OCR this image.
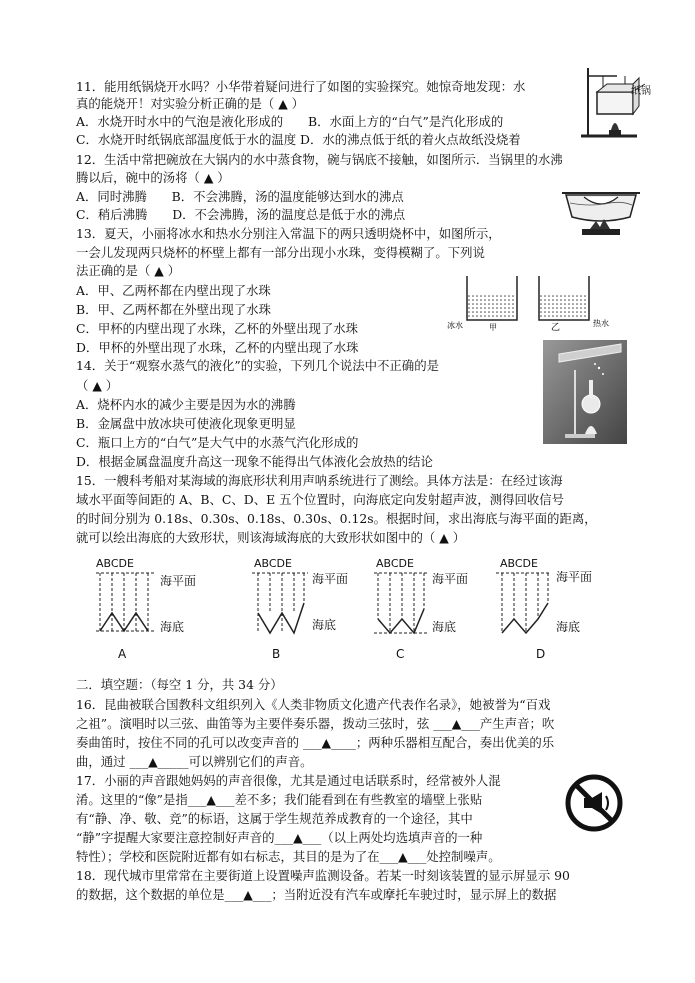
11．能用纸锅烧开水吗？小华带着疑问进行了如图的实验探究。她惊奇地发现：水
真的能烧开！对实验分析正确的是（ ▲ ）
A．水烧开时水中的气泡是液化形成的　　B．水面上方的“白气”是汽化形成的
C．水烧开时纸锅底部温度低于水的温度 D．水的沸点低于纸的着火点故纸没烧着
纸锅
12．生活中常把碗放在大锅内的水中蒸食物，碗与锅底不接触，如图所示．当锅里的水沸
腾以后，碗中的汤将（ ▲ ）
A．同时沸腾　　B．不会沸腾，汤的温度能够达到水的沸点
C．稍后沸腾　　D．不会沸腾，汤的温度总是低于水的沸点
13．夏天，小丽将冰水和热水分别注入常温下的两只透明烧杯中，如图所示，
一会儿发现两只烧杯的杯壁上都有一部分出现小水珠，变得模糊了。下列说
法正确的是（ ▲ ）
A．甲、乙两杯都在内壁出现了水珠
B．甲、乙两杯都在外壁出现了水珠
C．甲杯的内壁出现了水珠，乙杯的外壁出现了水珠
D．甲杯的外壁出现了水珠，乙杯的内壁出现了水珠
冰水	甲	乙	热水
14．关于“观察水蒸气的液化”的实验，下列几个说法中不正确的是
（ ▲ ）
A．烧杯内水的减少主要是因为水的沸腾
B．金属盘中放冰块可使液化现象更明显
C．瓶口上方的“白气”是大气中的水蒸气汽化形成的
D．根据金属盘温度升高这一现象不能得出气体液化会放热的结论
15．一艘科考船对某海域的海底形状利用声呐系统进行了测绘。具体方法是：在经过该海
域水平面等间距的 A、B、C、D、E 五个位置时，向海底定向发射超声波，测得回收信号
的时间分别为 0.18s、0.30s、0.18s、0.30s、0.12s。根据时间，求出海底与海平面的距离，
就可以绘出海底的大致形状，则该海域海底的大致形状如图中的（ ▲ ）
ABCDE
海平面
海底
A
ABCDE
海平面
海底
B
ABCDE
海平面
海底
C
ABCDE
海平面
海底
D
二．填空题：（每空 1 分，共 34 分）
16．昆曲被联合国教科文组织列入《人类非物质文化遗产代表作名录》，她被誉为“百戏
之祖”。演唱时以三弦、曲笛等为主要伴奏乐器，拨动三弦时，弦 ___▲___产生声音；吹
奏曲笛时，按住不同的孔可以改变声音的 ___▲____；两种乐器相互配合，奏出优美的乐
曲，通过 ___▲_____可以辨别它们的声音。
17．小丽的声音跟她妈妈的声音很像，尤其是通过电话联系时，经常被外人混
淆。这里的“像”是指___▲___差不多；我们能看到在有些教室的墙壁上张贴
有“静、净、敬、竞”的标语，这属于学生规范养成教育的一个途径，其中
“静”字提醒大家要注意控制好声音的___▲___（以上两处均选填声音的一种
特性）；学校和医院附近都有如右标志，其目的是为了在___▲___处控制噪声。
18．现代城市里常常在主要街道上设置噪声监测设备。若某一时刻该装置的显示屏显示 90
的数据，这个数据的单位是___▲___；当附近没有汽车或摩托车驶过时，显示屏上的数据
